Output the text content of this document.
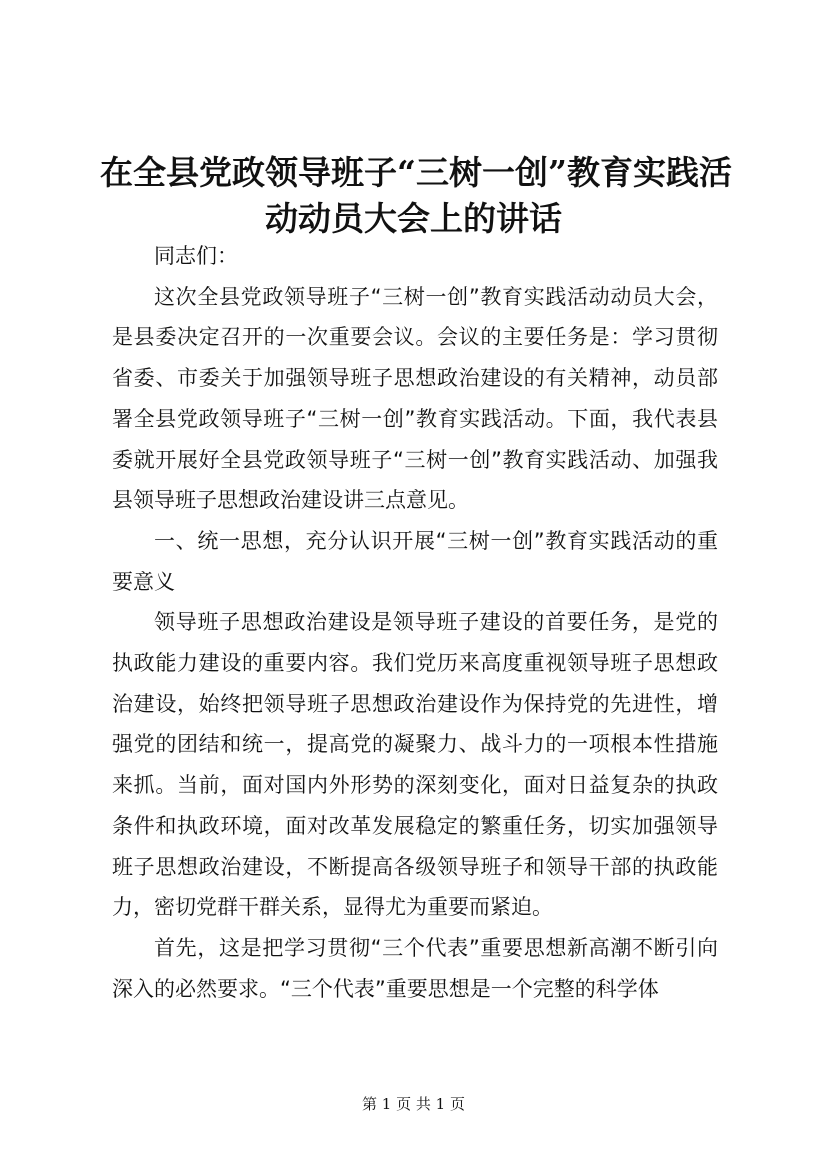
在全县党政领导班子“三树一创”教育实践活
动动员大会上的讲话

同志们：

这次全县党政领导班子“三树一创”教育实践活动动员大会，是县委决定召开的一次重要会议。会议的主要任务是：学习贯彻省委、市委关于加强领导班子思想政治建设的有关精神，动员部署全县党政领导班子“三树一创”教育实践活动。下面，我代表县委就开展好全县党政领导班子“三树一创”教育实践活动、加强我县领导班子思想政治建设讲三点意见。

一、统一思想，充分认识开展“三树一创”教育实践活动的重要意义

领导班子思想政治建设是领导班子建设的首要任务，是党的执政能力建设的重要内容。我们党历来高度重视领导班子思想政治建设，始终把领导班子思想政治建设作为保持党的先进性，增强党的团结和统一，提高党的凝聚力、战斗力的一项根本性措施来抓。当前，面对国内外形势的深刻变化，面对日益复杂的执政条件和执政环境，面对改革发展稳定的繁重任务，切实加强领导班子思想政治建设，不断提高各级领导班子和领导干部的执政能力，密切党群干群关系，显得尤为重要而紧迫。

首先，这是把学习贯彻“三个代表”重要思想新高潮不断引向深入的必然要求。“三个代表”重要思想是一个完整的科学体

第 1 页 共 1 页
